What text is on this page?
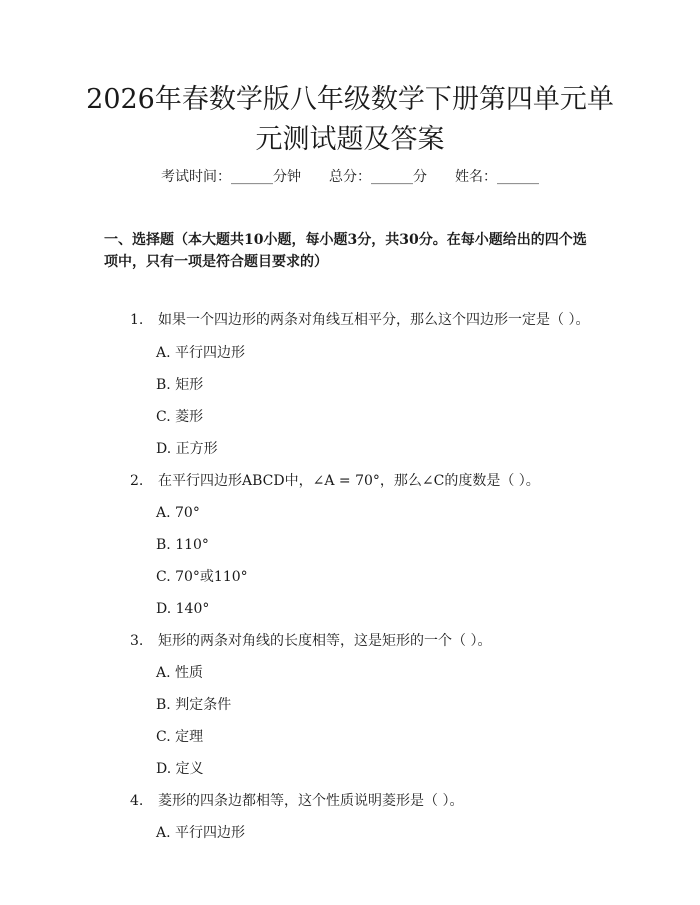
2026年春数学版八年级数学下册第四单元单
元测试题及答案
考试时间：______分钟 总分：______分 姓名：______
一、选择题（本大题共10小题，每小题3分，共30分。在每小题给出的四个选
项中，只有一项是符合题目要求的）
1. 如果一个四边形的两条对角线互相平分，那么这个四边形一定是（ ）。
A. 平行四边形
B. 矩形
C. 菱形
D. 正方形
2. 在平行四边形ABCD中，∠A = 70°，那么∠C的度数是（ ）。
A. 70°
B. 110°
C. 70°或110°
D. 140°
3. 矩形的两条对角线的长度相等，这是矩形的一个（ ）。
A. 性质
B. 判定条件
C. 定理
D. 定义
4. 菱形的四条边都相等，这个性质说明菱形是（ ）。
A. 平行四边形
